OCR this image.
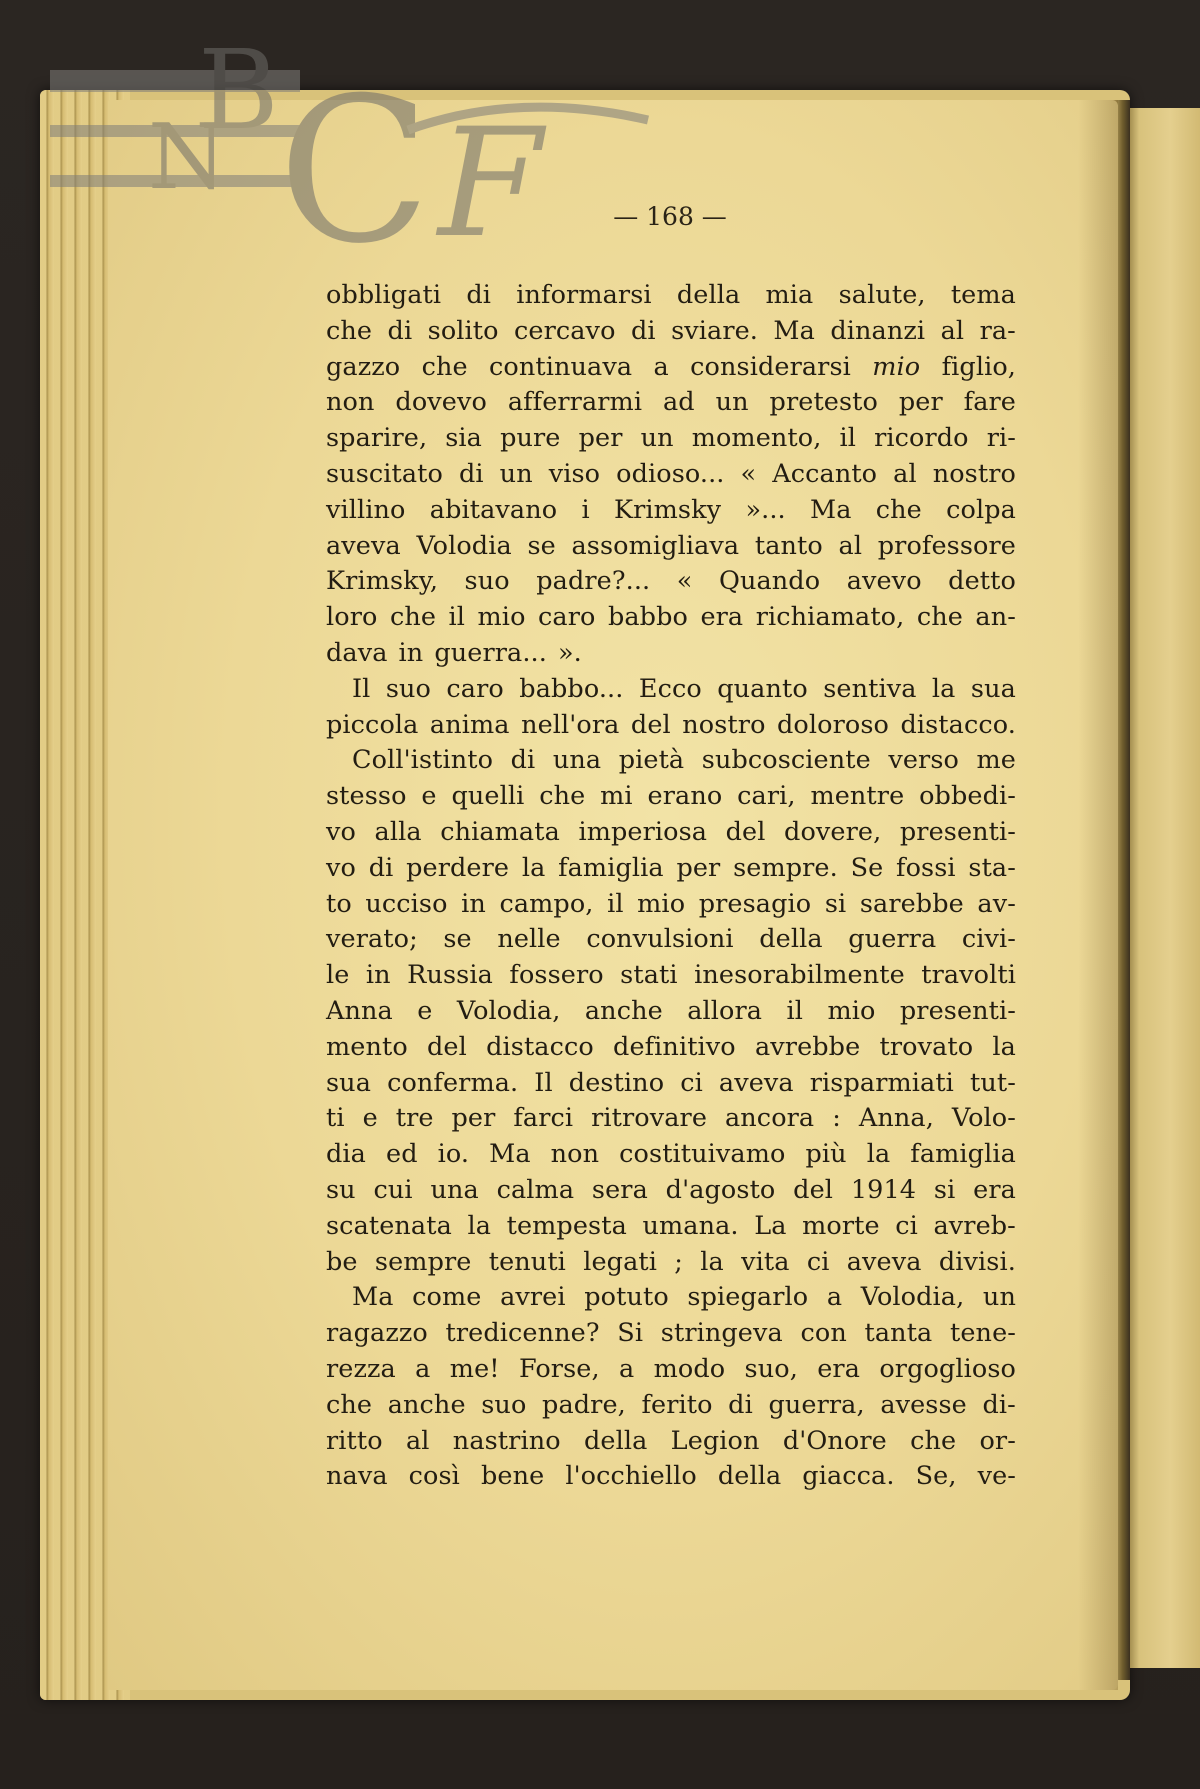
B
N C F	— 168 —
obbligati di informarsi della mia salute, tema
che di solito cercavo di sviare. Ma dinanzi al ra-
gazzo che continuava a considerarsi mio figlio,
non dovevo afferrarmi ad un pretesto per fare
sparire, sia pure per un momento, il ricordo ri-
suscitato di un viso odioso... « Accanto al nostro
villino abitavano i Krimsky »... Ma che colpa
aveva Volodia se assomigliava tanto al professore
Krimsky, suo padre?... « Quando avevo detto
loro che il mio caro babbo era richiamato, che an-
dava in guerra... ».
Il suo caro babbo... Ecco quanto sentiva la sua
piccola anima nell'ora del nostro doloroso distacco.
Coll'istinto di una pietà subcosciente verso me
stesso e quelli che mi erano cari, mentre obbedi-
vo alla chiamata imperiosa del dovere, presenti-
vo di perdere la famiglia per sempre. Se fossi sta-
to ucciso in campo, il mio presagio si sarebbe av-
verato; se nelle convulsioni della guerra civi-
le in Russia fossero stati inesorabilmente travolti
Anna e Volodia, anche allora il mio presenti-
mento del distacco definitivo avrebbe trovato la
sua conferma. Il destino ci aveva risparmiati tut-
ti e tre per farci ritrovare ancora : Anna, Volo-
dia ed io. Ma non costituivamo più la famiglia
su cui una calma sera d'agosto del 1914 si era
scatenata la tempesta umana. La morte ci avreb-
be sempre tenuti legati ; la vita ci aveva divisi.
Ma come avrei potuto spiegarlo a Volodia, un
ragazzo tredicenne? Si stringeva con tanta tene-
rezza a me! Forse, a modo suo, era orgoglioso
che anche suo padre, ferito di guerra, avesse di-
ritto al nastrino della Legion d'Onore che or-
nava così bene l'occhiello della giacca. Se, ve-
